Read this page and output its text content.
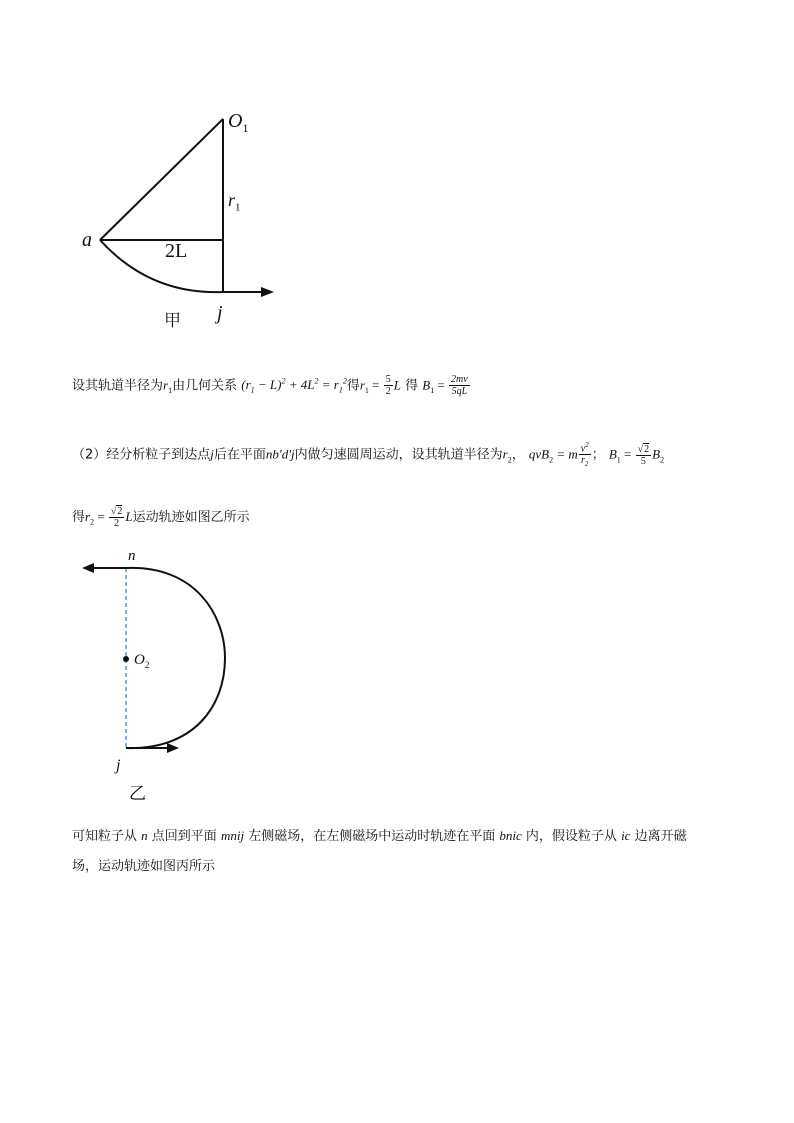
$O_1$
$r_1$
a	2L
j
甲
设其轨道半径为$r_1$由几何关系 $(r_1 - L)^2 + 4L^2 = r_1^2$得$r_1 = \frac{5}{2}$ L 得 $B_1 = \frac{2mv}{5qL}$
（2）经分析粒子到达点j后在平面nb'd'j内做匀速圆周运动，设其轨道半径为$r_2$， qvB$_2$ = m $\frac{v^2}{r_2}$ ； $B_1 = \frac{√2}{5} B_2$
得$r_2 = \frac{√2}{2}$ L运动轨迹如图乙所示
n
$O_2$
j
乙
可知粒子从 n 点回到平面 mnij 左侧磁场，在左侧磁场中运动时轨迹在平面 bnic 内，假设粒子从 ic 边离开磁
场，运动轨迹如图丙所示
